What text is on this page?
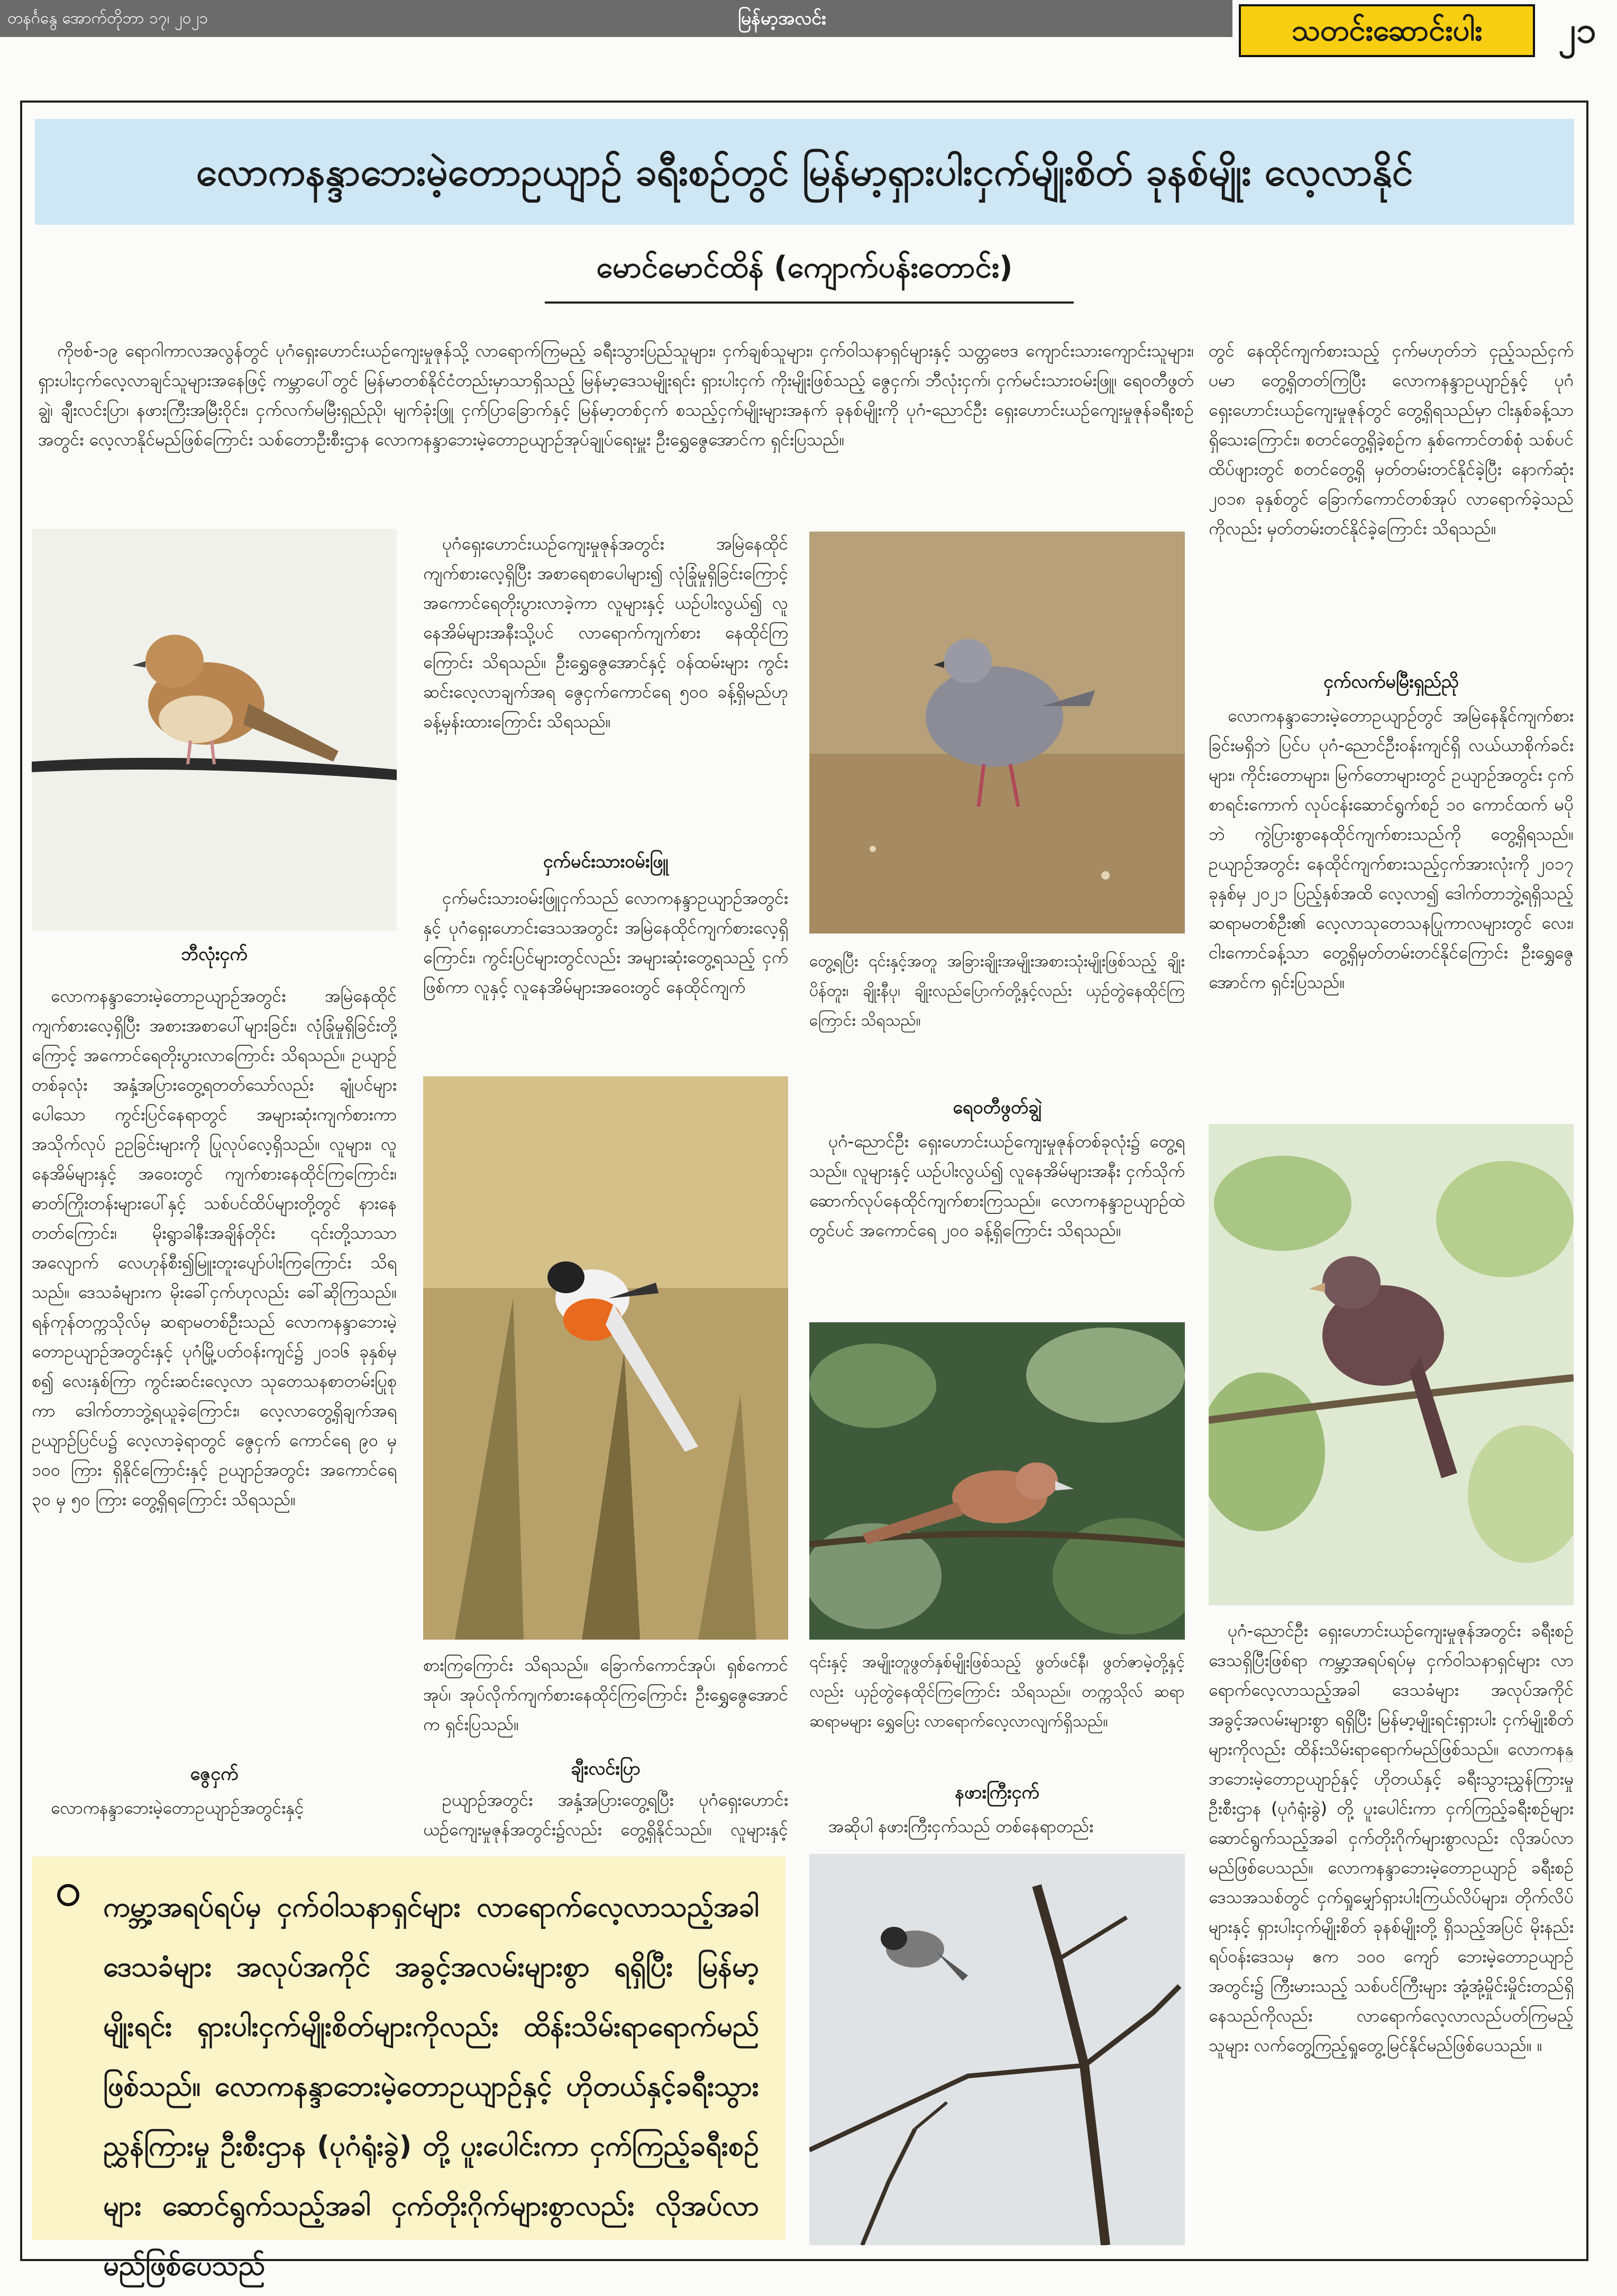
တနင်္ဂနွေ အောက်တိုဘာ ၁၇၊ ၂၀၂၁	မြန်မာ့အလင်း	သတင်းဆောင်းပါး	၂၁
လောကနန္ဒာဘေးမဲ့တောဥယျာဉ် ခရီးစဉ်တွင် မြန်မာ့ရှားပါးငှက်မျိုးစိတ် ခုနစ်မျိုး လေ့လာနိုင်
မောင်မောင်ထိန် (ကျောက်ပန်းတောင်း)

ကိုဗစ်-၁၉ ရောဂါကာလအလွန်တွင် ပုဂံရှေးဟောင်းယဉ်ကျေးမှုဇုန်သို့ လာရောက်ကြမည့် ခရီးသွားပြည်သူများ၊ ငှက်ချစ်သူများ၊ ငှက်ဝါသနာရှင်များနှင့် သတ္တဗေဒ ကျောင်းသားကျောင်းသူများ၊ ရှားပါးငှက်လေ့လာချင်သူများအနေဖြင့် ကမ္ဘာပေါ်တွင် မြန်မာတစ်နိုင်ငံတည်းမှာသာရှိသည့် မြန်မာ့ဒေသမျိုးရင်း ရှားပါးငှက် ကိုးမျိုးဖြစ်သည့် ဇွေငှက်၊ ဘီလုံးငှက်၊ ငှက်မင်းသားဝမ်းဖြူ၊ ရေဝတီဖွတ်ချွဲ၊ ချီးလင်းပြာ၊ နဖားကြီးအမြီးဝိုင်း၊ ငှက်လက်မမြီးရှည်ညို၊ မျက်ခုံးဖြူ ငှက်ပြာခြောက်နှင့် မြန်မာ့တစ်ငှက် စသည့်ငှက်မျိုးများအနက် ခုနစ်မျိုးကို ပုဂံ-ညောင်ဦး ရှေးဟောင်းယဉ်ကျေးမှုဇုန်ခရီးစဉ်အတွင်း လေ့လာနိုင်မည်ဖြစ်ကြောင်း သစ်တောဦးစီးဌာန လောကနန္ဒာဘေးမဲ့တောဥယျာဉ်အုပ်ချုပ်ရေးမှူး ဦးရွှေဇွေအောင်က ရှင်းပြသည်။

ဘီလုံးငှက်

လောကနန္ဒာဘေးမဲ့တောဥယျာဉ်အတွင်း အမြဲနေထိုင်ကျက်စားလေ့ရှိပြီး အစားအစာပေါ်များခြင်း၊ လုံခြုံမှုရှိခြင်းတို့ကြောင့် အကောင်ရေတိုးပွားလာကြောင်း သိရသည်။ ဥယျာဉ်တစ်ခုလုံး အနှံ့အပြားတွေ့ရတတ်သော်လည်း ချုံပင်များပေါသော ကွင်းပြင်နေရာတွင် အများဆုံးကျက်စားကာ အသိုက်လုပ် ဥဥခြင်းများကို ပြုလုပ်လေ့ရှိသည်။ လူများ၊ လူနေအိမ်များနှင့် အဝေးတွင် ကျက်စားနေထိုင်ကြကြောင်း၊ ဓာတ်ကြိုးတန်းများပေါ်နှင့် သစ်ပင်ထိပ်များတို့တွင် နားနေတတ်ကြောင်း၊ မိုးရွာခါနီးအချိန်တိုင်း ၎င်းတို့သာသာအလျောက် လေဟုန်စီး၍မြူးတူးပျော်ပါးကြကြောင်း သိရသည်။ ဒေသခံများက မိုးခေါ်ငှက်ဟုလည်း ခေါ်ဆိုကြသည်။ ရန်ကုန်တက္ကသိုလ်မှ ဆရာမတစ်ဦးသည် လောကနန္ဒာဘေးမဲ့တောဥယျာဉ်အတွင်းနှင့် ပုဂံမြို့ပတ်ဝန်းကျင်၌ ၂၀၁၆ ခုနှစ်မှစ၍ လေးနှစ်ကြာ ကွင်းဆင်းလေ့လာ သုတေသနစာတမ်းပြုစုကာ ဒေါက်တာဘွဲ့ရယူခဲ့ကြောင်း၊ လေ့လာတွေ့ရှိချက်အရ ဥယျာဉ်ပြင်ပ၌ လေ့လာခဲ့ရာတွင် ဇွေငှက် ကောင်ရေ ၉၀ မှ ၁၀၀ ကြား ရှိနိုင်ကြောင်းနှင့် ဥယျာဉ်အတွင်း အကောင်ရေ ၃၀ မှ ၅၀ ကြား တွေ့ရှိရကြောင်း သိရသည်။

ဇွေငှက်

လောကနန္ဒာဘေးမဲ့တောဥယျာဉ်အတွင်းနှင့်

ပုဂံရှေးဟောင်းယဉ်ကျေးမှုဇုန်အတွင်း အမြဲနေထိုင် ကျက်စားလေ့ရှိပြီး အစာရေစာပေါများ၍ လုံခြုံမှုရှိခြင်းကြောင့် အကောင်ရေတိုးပွားလာခဲ့ကာ လူများနှင့် ယဉ်ပါးလွယ်၍ လူနေအိမ်များအနီးသို့ပင် လာရောက်ကျက်စား နေထိုင်ကြကြောင်း သိရသည်။ ဦးရွှေဇွေအောင်နှင့် ဝန်ထမ်းများ ကွင်းဆင်းလေ့လာချက်အရ ဇွေငှက်ကောင်ရေ ၅၀၀ ခန့်ရှိမည်ဟု ခန့်မှန်းထားကြောင်း သိရသည်။

ငှက်မင်းသားဝမ်းဖြူ

ငှက်မင်းသားဝမ်းဖြူငှက်သည် လောကနန္ဒာဥယျာဉ်အတွင်းနှင့် ပုဂံရှေးဟောင်းဒေသအတွင်း အမြဲနေထိုင်ကျက်စားလေ့ရှိကြောင်း၊ ကွင်းပြင်များတွင်လည်း အများဆုံးတွေ့ရသည့် ငှက်ဖြစ်ကာ လူနှင့် လူနေအိမ်များအဝေးတွင် နေထိုင်ကျက်

စားကြကြောင်း သိရသည်။ ခြောက်ကောင်အုပ်၊ ရှစ်ကောင်အုပ်၊ အုပ်လိုက်ကျက်စားနေထိုင်ကြကြောင်း ဦးရွှေဇွေအောင်က ရှင်းပြသည်။

ချီးလင်းပြာ

ဥယျာဉ်အတွင်း အနှံ့အပြားတွေ့ရပြီး ပုဂံရှေးဟောင်းယဉ်ကျေးမှုဇုန်အတွင်း၌လည်း တွေ့ရှိနိုင်သည်။ လူများနှင့်

တွေ့ရပြီး ၎င်းနှင့်အတူ အခြားချိုးအမျိုးအစားသုံးမျိုးဖြစ်သည့် ချိုးပိန်တူး၊ ချိုးနီပု၊ ချိုးလည်ပြောက်တို့နှင့်လည်း ယှဉ်တွဲနေထိုင်ကြကြောင်း သိရသည်။

ရေဝတီဖွတ်ချွဲ

ပုဂံ-ညောင်ဦး ရှေးဟောင်းယဉ်ကျေးမှုဇုန်တစ်ခုလုံး၌ တွေ့ရသည်။ လူများနှင့် ယဉ်ပါးလွယ်၍ လူနေအိမ်များအနီး ငှက်သိုက်ဆောက်လုပ်နေထိုင်ကျက်စားကြသည်။ လောကနန္ဒာဥယျာဉ်ထဲတွင်ပင် အကောင်ရေ ၂၀၀ ခန့်ရှိကြောင်း သိရသည်။

၎င်းနှင့် အမျိုးတူဖွတ်နှစ်မျိုးဖြစ်သည့် ဖွတ်ဖင်နီ၊ ဖွတ်ဇာမဲ့တို့နှင့်လည်း ယှဉ်တွဲနေထိုင်ကြကြောင်း သိရသည်။ တက္ကသိုလ် ဆရာ ဆရာမများ ရွှေပြေး လာရောက်လေ့လာလျက်ရှိသည်။

နဖားကြီးငှက်

အဆိုပါ နဖားကြီးငှက်သည် တစ်နေရာတည်း

တွင် နေထိုင်ကျက်စားသည့် ငှက်မဟုတ်ဘဲ ငှည့်သည်ငှက်ပမာ တွေ့ရှိတတ်ကြပြီး လောကနန္ဒာဥယျာဉ်နှင့် ပုဂံရှေးဟောင်းယဉ်ကျေးမှုဇုန်တွင် တွေ့ရှိရသည်မှာ ငါးနှစ်ခန့်သာရှိသေးကြောင်း၊ စတင်တွေ့ရှိခဲ့စဉ်က နှစ်ကောင်တစ်စုံ သစ်ပင်ထိပ်ဖျားတွင် စတင်တွေ့ရှိ မှတ်တမ်းတင်နိုင်ခဲ့ပြီး နောက်ဆုံး ၂၀၁၈ ခုနှစ်တွင် ခြောက်ကောင်တစ်အုပ် လာရောက်ခဲ့သည်ကိုလည်း မှတ်တမ်းတင်နိုင်ခဲ့ကြောင်း သိရသည်။

ငှက်လက်မမြီးရှည်ညို

လောကနန္ဒာဘေးမဲ့တောဥယျာဉ်တွင် အမြဲနေနိုင်ကျက်စားခြင်းမရှိဘဲ ပြင်ပ ပုဂံ-ညောင်ဦးဝန်းကျင်ရှိ လယ်ယာစိုက်ခင်းများ၊ ကိုင်းတောများ၊ မြက်တောများတွင် ဥယျာဉ်အတွင်း ငှက်စာရင်းကောက် လုပ်ငန်းဆောင်ရွက်စဉ် ၁၀ ကောင်ထက် မပိုဘဲ ကွဲပြားစွာနေထိုင်ကျက်စားသည်ကို တွေ့ရှိရသည်။ ဥယျာဉ်အတွင်း နေထိုင်ကျက်စားသည့်ငှက်အားလုံးကို ၂၀၁၇ ခုနှစ်မှ ၂၀၂၁ ပြည့်နှစ်အထိ လေ့လာ၍ ဒေါက်တာဘွဲ့ရရှိသည့် ဆရာမတစ်ဦး၏ လေ့လာသုတေသနပြုကာလများတွင် လေး၊ ငါးကောင်ခန့်သာ တွေ့ရှိမှတ်တမ်းတင်နိုင်ကြောင်း ဦးရွှေဇွေအောင်က ရှင်းပြသည်။

ပုဂံ-ညောင်ဦး ရှေးဟောင်းယဉ်ကျေးမှုဇုန်အတွင်း ခရီးစဉ်ဒေသရှိပြီးဖြစ်ရာ ကမ္ဘာ့အရပ်ရပ်မှ ငှက်ဝါသနာရှင်များ လာရောက်လေ့လာသည့်အခါ ဒေသခံများ အလုပ်အကိုင် အခွင့်အလမ်းများစွာ ရရှိပြီး မြန်မာ့မျိုးရင်းရှားပါး ငှက်မျိုးစိတ်များကိုလည်း ထိန်းသိမ်းရာရောက်မည်ဖြစ်သည်။ လောကနန္ဒာဘေးမဲ့တောဥယျာဉ်နှင့် ဟိုတယ်နှင့် ခရီးသွားညွှန်ကြားမှုဦးစီးဌာန (ပုဂံရုံးခွဲ) တို့ ပူးပေါင်းကာ ငှက်ကြည့်ခရီးစဉ်များ ဆောင်ရွက်သည့်အခါ ငှက်တိုးဂိုက်များစွာလည်း လိုအပ်လာမည်ဖြစ်ပေသည်။ လောကနန္ဒာဘေးမဲ့တောဥယျာဉ် ခရီးစဉ်ဒေသအသစ်တွင် ငှက်ရှုမျှော်ရှားပါးကြယ်လိပ်များ၊ တိုက်လိပ်များနှင့် ရှားပါးငှက်မျိုးစိတ် ခုနစ်မျိုးတို့ ရှိသည့်အပြင် မိုးနည်းရပ်ဝန်းဒေသမှ ဧက ၁၀၀ ကျော် ဘေးမဲ့တောဥယျာဉ်အတွင်း၌ ကြီးမားသည့် သစ်ပင်ကြီးများ အုံ့အုံ့မှိုင်းမှိုင်းတည်ရှိနေသည်ကိုလည်း လာရောက်လေ့လာလည်ပတ်ကြမည့်သူများ လက်တွေ့ကြည့်ရှုတွေ့မြင်နိုင်မည်ဖြစ်ပေသည်။ ။

ကမ္ဘာ့အရပ်ရပ်မှ ငှက်ဝါသနာရှင်များ လာရောက်လေ့လာသည့်အခါ ဒေသခံများ အလုပ်အကိုင် အခွင့်အလမ်းများစွာ ရရှိပြီး မြန်မာ့မျိုးရင်း ရှားပါးငှက်မျိုးစိတ်များကိုလည်း ထိန်းသိမ်းရာရောက်မည်ဖြစ်သည်။ လောကနန္ဒာဘေးမဲ့တောဥယျာဉ်နှင့် ဟိုတယ်နှင့်ခရီးသွားညွှန်ကြားမှု ဦးစီးဌာန (ပုဂံရုံးခွဲ) တို့ ပူးပေါင်းကာ ငှက်ကြည့်ခရီးစဉ်များ ဆောင်ရွက်သည့်အခါ ငှက်တိုးဂိုက်များစွာလည်း လိုအပ်လာမည်ဖြစ်ပေသည်
